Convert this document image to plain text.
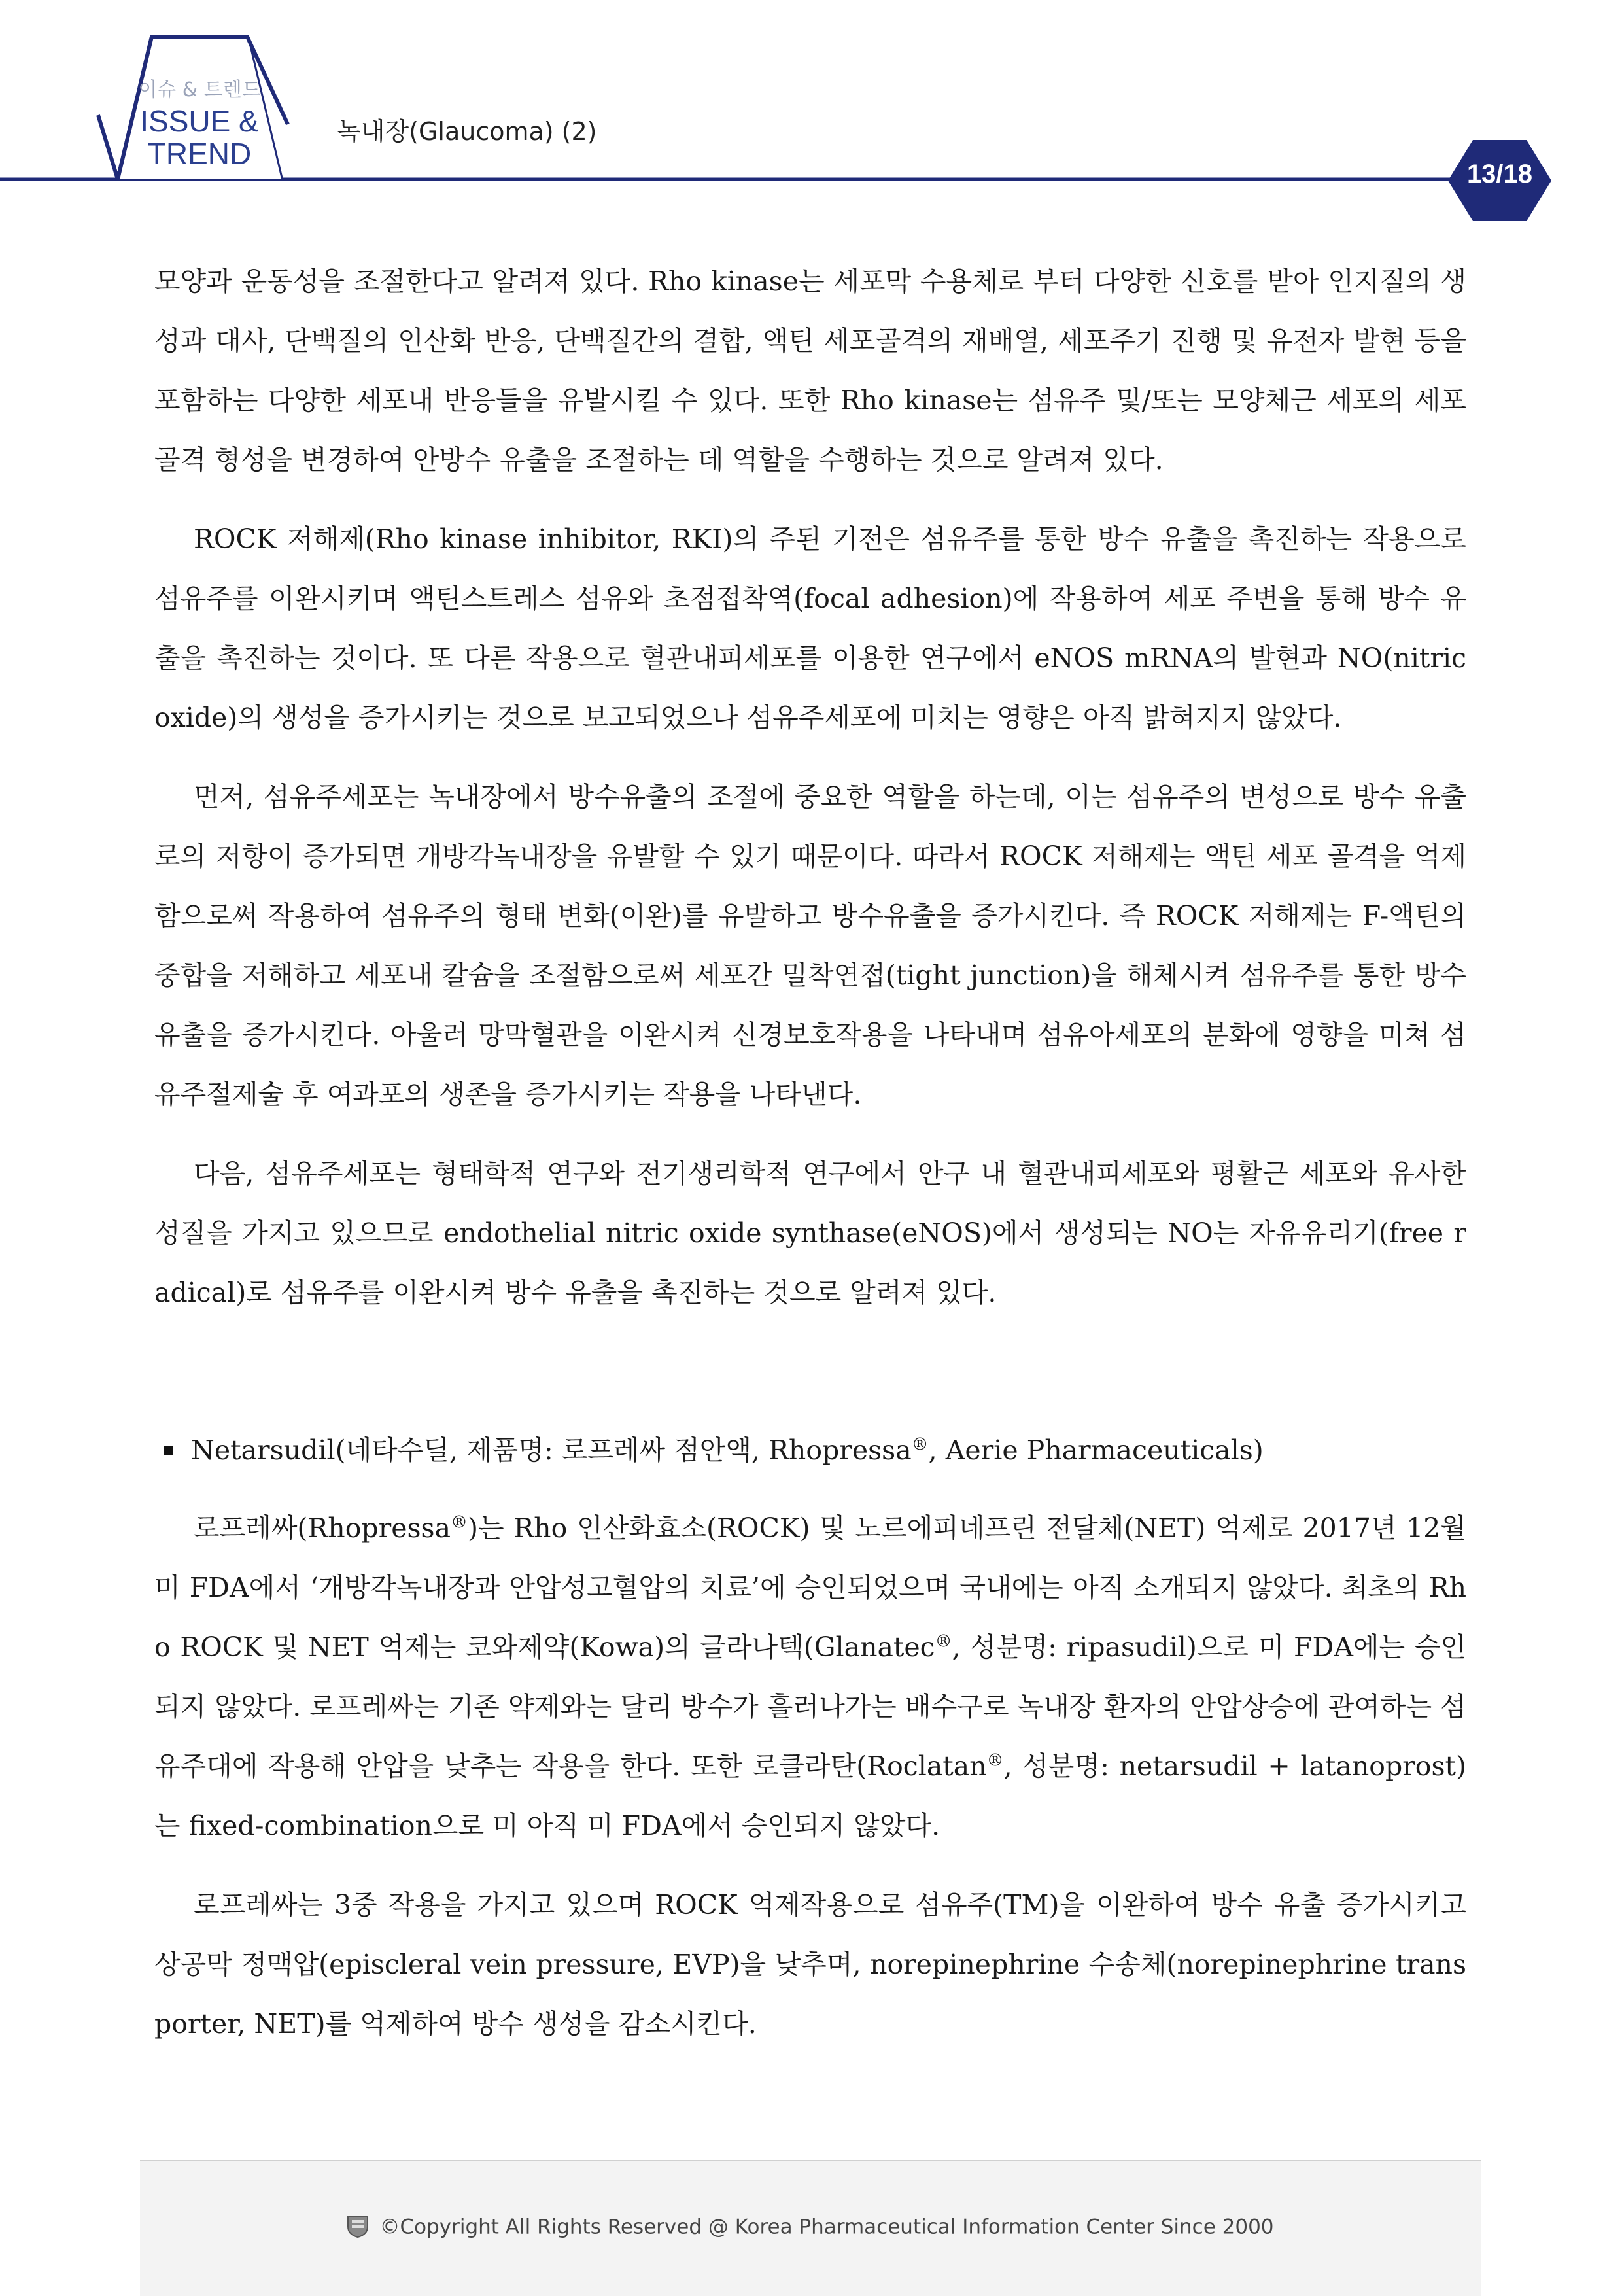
이슈 & 트렌드
ISSUE &
TREND
녹내장(Glaucoma) (2)
13/18

모양과 운동성을 조절한다고 알려져 있다. Rho kinase는 세포막 수용체로 부터 다양한 신호를 받아 인지질의 생성과 대사, 단백질의 인산화 반응, 단백질간의 결합, 액틴 세포골격의 재배열, 세포주기 진행 및 유전자 발현 등을 포함하는 다양한 세포내 반응들을 유발시킬 수 있다. 또한 Rho kinase는 섬유주 및/또는 모양체근 세포의 세포 골격 형성을 변경하여 안방수 유출을 조절하는 데 역할을 수행하는 것으로 알려져 있다.

ROCK 저해제(Rho kinase inhibitor, RKI)의 주된 기전은 섬유주를 통한 방수 유출을 촉진하는 작용으로 섬유주를 이완시키며 액틴스트레스 섬유와 초점접착역(focal adhesion)에 작용하여 세포 주변을 통해 방수 유출을 촉진하는 것이다. 또 다른 작용으로 혈관내피세포를 이용한 연구에서 eNOS mRNA의 발현과 NO(nitric oxide)의 생성을 증가시키는 것으로 보고되었으나 섬유주세포에 미치는 영향은 아직 밝혀지지 않았다.

먼저, 섬유주세포는 녹내장에서 방수유출의 조절에 중요한 역할을 하는데, 이는 섬유주의 변성으로 방수 유출로의 저항이 증가되면 개방각녹내장을 유발할 수 있기 때문이다. 따라서 ROCK 저해제는 액틴 세포 골격을 억제함으로써 작용하여 섬유주의 형태 변화(이완)를 유발하고 방수유출을 증가시킨다. 즉 ROCK 저해제는 F-액틴의 중합을 저해하고 세포내 칼슘을 조절함으로써 세포간 밀착연접(tight junction)을 해체시켜 섬유주를 통한 방수 유출을 증가시킨다. 아울러 망막혈관을 이완시켜 신경보호작용을 나타내며 섬유아세포의 분화에 영향을 미쳐 섬유주절제술 후 여과포의 생존을 증가시키는 작용을 나타낸다.

다음, 섬유주세포는 형태학적 연구와 전기생리학적 연구에서 안구 내 혈관내피세포와 평활근 세포와 유사한 성질을 가지고 있으므로 endothelial nitric oxide synthase(eNOS)에서 생성되는 NO는 자유유리기(free radical)로 섬유주를 이완시켜 방수 유출을 촉진하는 것으로 알려져 있다.

Netarsudil(네타수딜, 제품명: 로프레싸 점안액, Rhopressa®, Aerie Pharmaceuticals)

로프레싸(Rhopressa®)는 Rho 인산화효소(ROCK) 및 노르에피네프린 전달체(NET) 억제로 2017년 12월 미 FDA에서 ‘개방각녹내장과 안압성고혈압의 치료’에 승인되었으며 국내에는 아직 소개되지 않았다. 최초의 Rho ROCK 및 NET 억제는 코와제약(Kowa)의 글라나텍(Glanatec®, 성분명: ripasudil)으로 미 FDA에는 승인되지 않았다. 로프레싸는 기존 약제와는 달리 방수가 흘러나가는 배수구로 녹내장 환자의 안압상승에 관여하는 섬유주대에 작용해 안압을 낮추는 작용을 한다. 또한 로클라탄(Roclatan®, 성분명: netarsudil + latanoprost)는 fixed-combination으로 미 아직 미 FDA에서 승인되지 않았다.

로프레싸는 3중 작용을 가지고 있으며 ROCK 억제작용으로 섬유주(TM)을 이완하여 방수 유출 증가시키고 상공막 정맥압(episcleral vein pressure, EVP)을 낮추며, norepinephrine 수송체(norepinephrine transporter, NET)를 억제하여 방수 생성을 감소시킨다.

©Copyright All Rights Reserved @ Korea Pharmaceutical Information Center Since 2000
